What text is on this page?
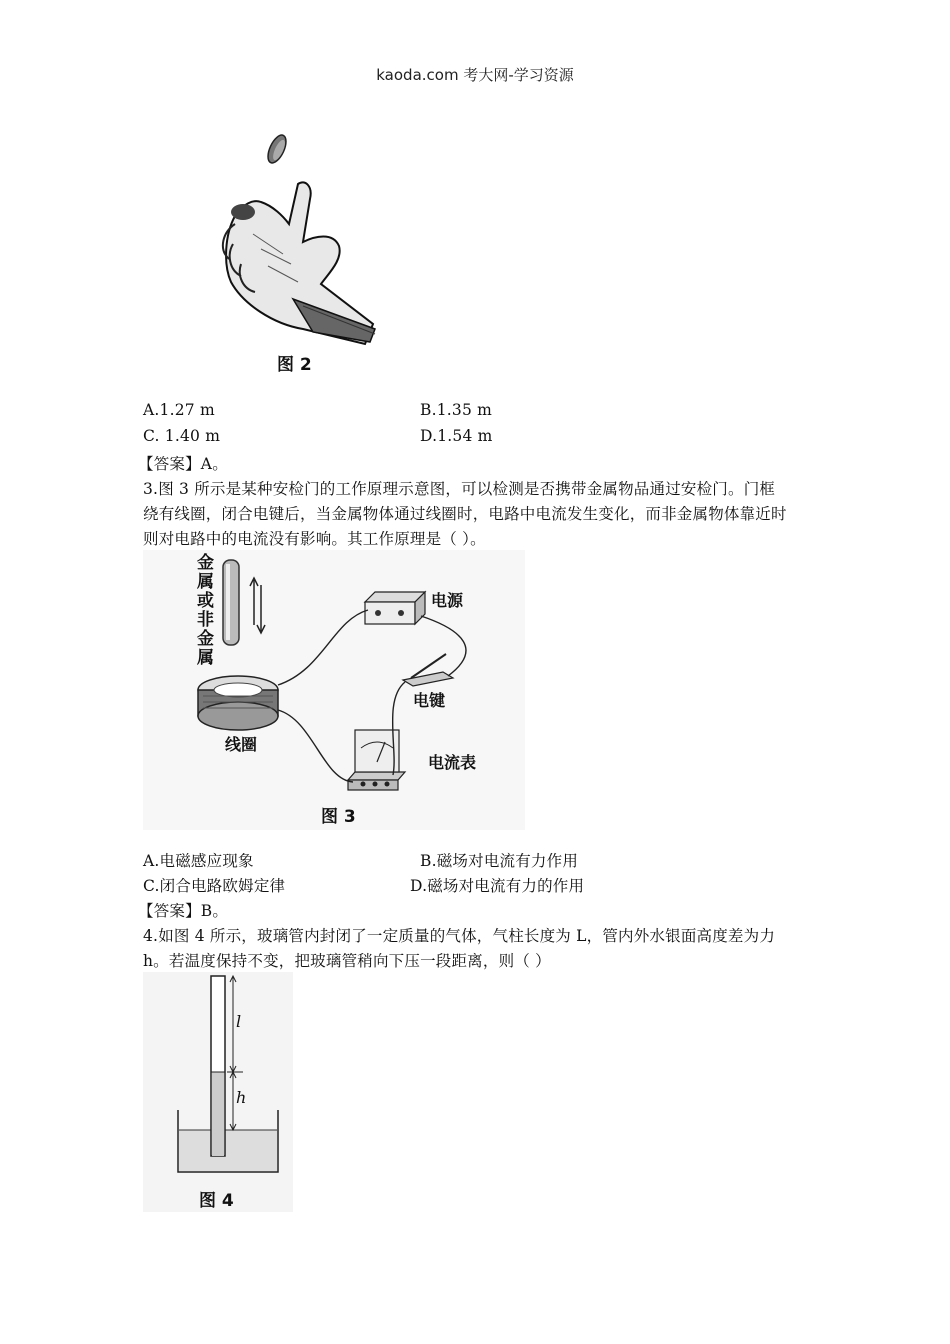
kaoda.com 考大网-学习资源
图 2
A.1.27 m	B.1.35 m
C. 1.40 m	D.1.54 m
【答案】A。
3.图 3 所示是某种安检门的工作原理示意图，可以检测是否携带金属物品通过安检门。门框
绕有线圈，闭合电键后，当金属物体通过线圈时，电路中电流发生变化，而非金属物体靠近时
则对电路中的电流没有影响。其工作原理是（ ）。
金属或非金属
电源
电键
线圈
电流表
图 3
A.电磁感应现象	B.磁场对电流有力作用
C.闭合电路欧姆定律	D.磁场对电流有力的作用
【答案】B。
4.如图 4 所示，玻璃管内封闭了一定质量的气体，气柱长度为 L，管内外水银面高度差为力
h。若温度保持不变，把玻璃管稍向下压一段距离，则（ ）
l
h
图 4
